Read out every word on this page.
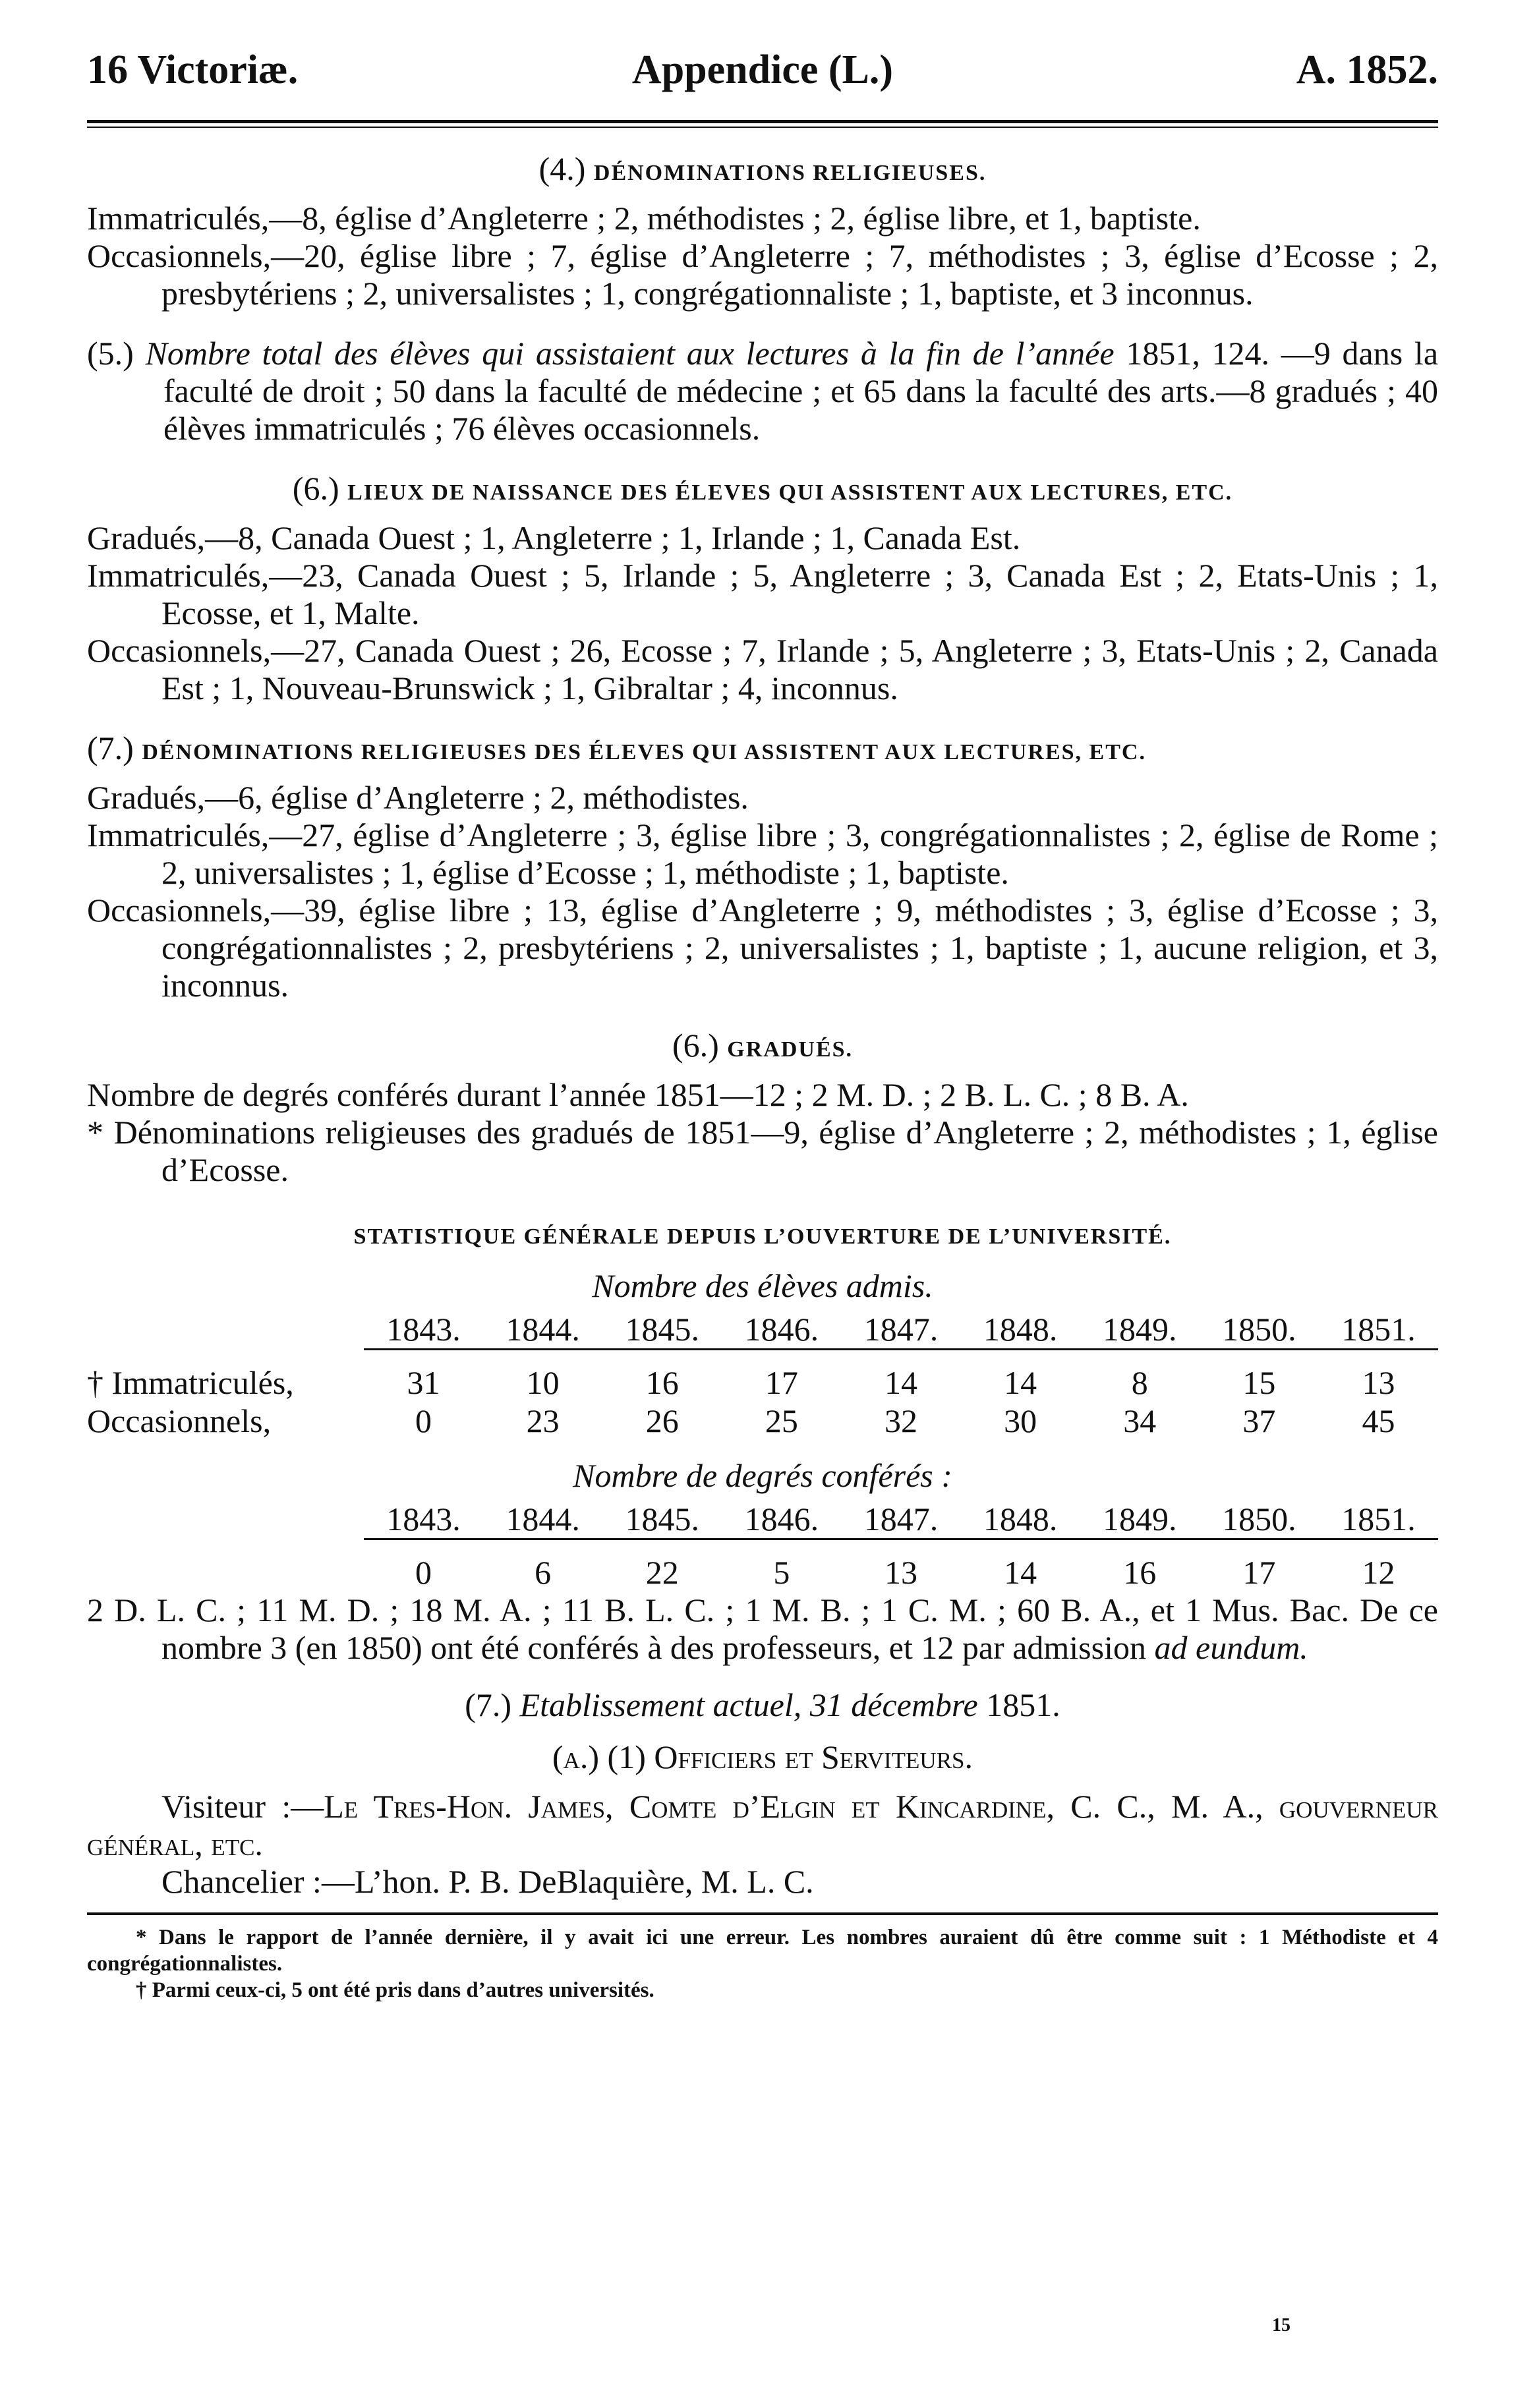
16 Victoriæ.	Appendice (L.)	A. 1852.
(4.) DÉNOMINATIONS RELIGIEUSES.

Immatriculés,—8, église d’Angleterre ; 2, méthodistes ; 2, église libre, et 1, baptiste.

Occasionnels,—20, église libre ; 7, église d’Angleterre ; 7, méthodistes ; 3, église d’Ecosse ; 2, presbytériens ; 2, universalistes ; 1, congrégationnaliste ; 1, baptiste, et 3 inconnus.

(5.) Nombre total des élèves qui assistaient aux lectures à la fin de l’année 1851, 124. —9 dans la faculté de droit ; 50 dans la faculté de médecine ; et 65 dans la faculté des arts.—8 gradués ; 40 élèves immatriculés ; 76 élèves occasionnels.

(6.) LIEUX DE NAISSANCE DES ÉLEVES QUI ASSISTENT AUX LECTURES, ETC.

Gradués,—8, Canada Ouest ; 1, Angleterre ; 1, Irlande ; 1, Canada Est.

Immatriculés,—23, Canada Ouest ; 5, Irlande ; 5, Angleterre ; 3, Canada Est ; 2, Etats-Unis ; 1, Ecosse, et 1, Malte.

Occasionnels,—27, Canada Ouest ; 26, Ecosse ; 7, Irlande ; 5, Angleterre ; 3, Etats-Unis ; 2, Canada Est ; 1, Nouveau-Brunswick ; 1, Gibraltar ; 4, inconnus.

(7.) DÉNOMINATIONS RELIGIEUSES DES ÉLEVES QUI ASSISTENT AUX LECTURES, ETC.

Gradués,—6, église d’Angleterre ; 2, méthodistes.

Immatriculés,—27, église d’Angleterre ; 3, église libre ; 3, congrégationnalistes ; 2, église de Rome ; 2, universalistes ; 1, église d’Ecosse ; 1, méthodiste ; 1, baptiste.

Occasionnels,—39, église libre ; 13, église d’Angleterre ; 9, méthodistes ; 3, église d’Ecosse ; 3, congrégationnalistes ; 2, presbytériens ; 2, universalistes ; 1, baptiste ; 1, aucune religion, et 3, inconnus.

(6.) GRADUÉS.

Nombre de degrés conférés durant l’année 1851—12 ; 2 M. D. ; 2 B. L. C. ; 8 B. A.

* Dénominations religieuses des gradués de 1851—9, église d’Angleterre ; 2, méthodistes ; 1, église d’Ecosse.

STATISTIQUE GÉNÉRALE DEPUIS L’OUVERTURE DE L’UNIVERSITÉ.

Nombre des élèves admis.

	1843.	1844.	1845.	1846.	1847.	1848.	1849.	1850.	1851.

† Immatriculés,	31	10	16	17	14	14	8	15	13
Occasionnels,	0	23	26	25	32	30	34	37	45

Nombre de degrés conférés :

	1843.	1844.	1845.	1846.	1847.	1848.	1849.	1850.	1851.

	0	6	22	5	13	14	16	17	12

2 D. L. C. ; 11 M. D. ; 18 M. A. ; 11 B. L. C. ; 1 M. B. ; 1 C. M. ; 60 B. A., et 1 Mus. Bac. De ce nombre 3 (en 1850) ont été conférés à des professeurs, et 12 par admission ad eundum.

(7.) Etablissement actuel, 31 décembre 1851.

(a.) (1) Officiers et Serviteurs.

Visiteur :—Le Tres-Hon. James, Comte d’Elgin et Kincardine, C. C., M. A., gouverneur général, etc.

Chancelier :—L’hon. P. B. DeBlaquière, M. L. C.

* Dans le rapport de l’année dernière, il y avait ici une erreur. Les nombres auraient dû être comme suit : 1 Méthodiste et 4 congrégationnalistes.

† Parmi ceux-ci, 5 ont été pris dans d’autres universités.

15
